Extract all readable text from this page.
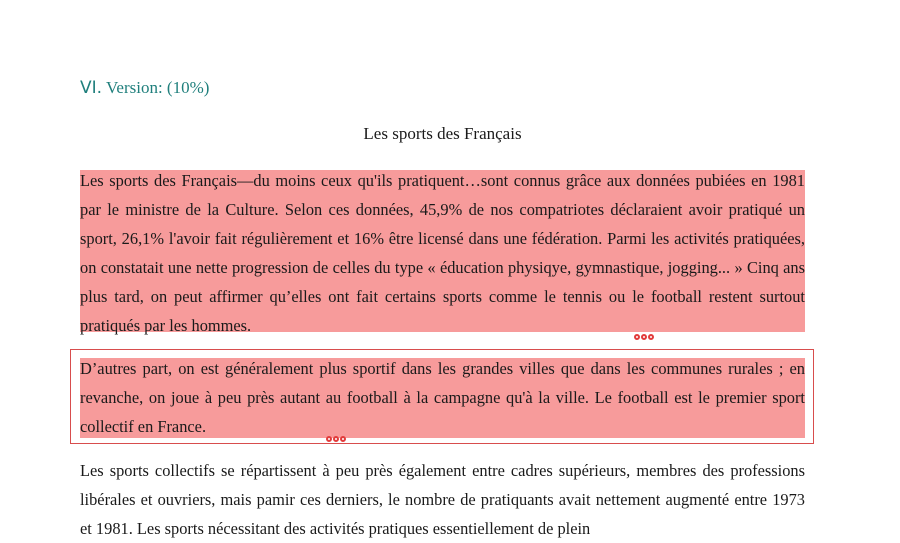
VI. Version: (10%)
Les sports des Français
Les sports des Français—du moins ceux qu'ils pratiquent…sont connus grâce aux données pubiées en 1981 par le ministre de la Culture. Selon ces données, 45,9% de nos compatriotes déclaraient avoir pratiqué un sport, 26,1% l'avoir fait régulièrement et 16% être licensé dans une fédération. Parmi les activités pratiquées, on constatait une nette progression de celles du type « éducation physiqye, gymnastique, jogging... » Cinq ans plus tard, on peut affirmer qu’elles ont fait certains sports comme le tennis ou le football restent surtout pratiqués par les hommes.
D’autres part, on est généralement plus sportif dans les grandes villes que dans les communes rurales ; en revanche, on joue à peu près autant au football à la campagne qu'à la ville. Le football est le premier sport collectif en France.
Les sports collectifs se répartissent à peu près également entre cadres supérieurs, membres des professions libérales et ouvriers, mais pamir ces derniers, le nombre de pratiquants avait nettement augmenté entre 1973 et 1981. Les sports nécessitant des activités pratiques essentiellement de plein
